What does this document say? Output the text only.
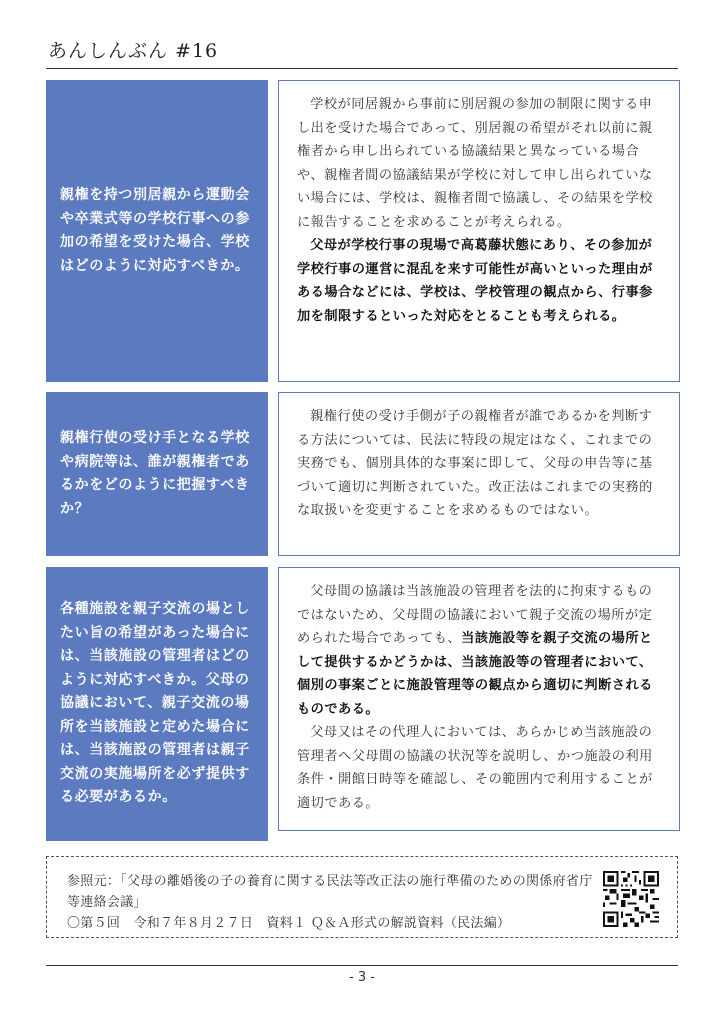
あんしんぶん #16
親権を持つ別居親から運動会や卒業式等の学校行事への参加の希望を受けた場合、学校はどのように対応すべきか。

学校が同居親から事前に別居親の参加の制限に関する申し出を受けた場合であって、別居親の希望がそれ以前に親権者から申し出られている協議結果と異なっている場合や、親権者間の協議結果が学校に対して申し出られていない場合には、学校は、親権者間で協議し、その結果を学校に報告することを求めることが考えられる。

父母が学校行事の現場で高葛藤状態にあり、その参加が学校行事の運営に混乱を来す可能性が高いといった理由がある場合などには、学校は、学校管理の観点から、行事参加を制限するといった対応をとることも考えられる。

親権行使の受け手となる学校や病院等は、誰が親権者であるかをどのように把握すべきか？

親権行使の受け手側が子の親権者が誰であるかを判断する方法については、民法に特段の規定はなく、これまでの実務でも、個別具体的な事案に即して、父母の申告等に基づいて適切に判断されていた。改正法はこれまでの実務的な取扱いを変更することを求めるものではない。

各種施設を親子交流の場としたい旨の希望があった場合には、当該施設の管理者はどのように対応すべきか。父母の協議において、親子交流の場所を当該施設と定めた場合には、当該施設の管理者は親子交流の実施場所を必ず提供する必要があるか。

父母間の協議は当該施設の管理者を法的に拘束するものではないため、父母間の協議において親子交流の場所が定められた場合であっても、当該施設等を親子交流の場所として提供するかどうかは、当該施設等の管理者において、個別の事案ごとに施設管理等の観点から適切に判断されるものである。

父母又はその代理人においては、あらかじめ当該施設の管理者へ父母間の協議の状況等を説明し、かつ施設の利用条件・開館日時等を確認し、その範囲内で利用することが適切である。

参照元：「父母の離婚後の子の養育に関する民法等改正法の施行準備のための関係府省庁等連絡会議」
〇第５回　令和７年８月２７日　資料１ Ｑ＆Ａ形式の解説資料（民法編）
- 3 -
